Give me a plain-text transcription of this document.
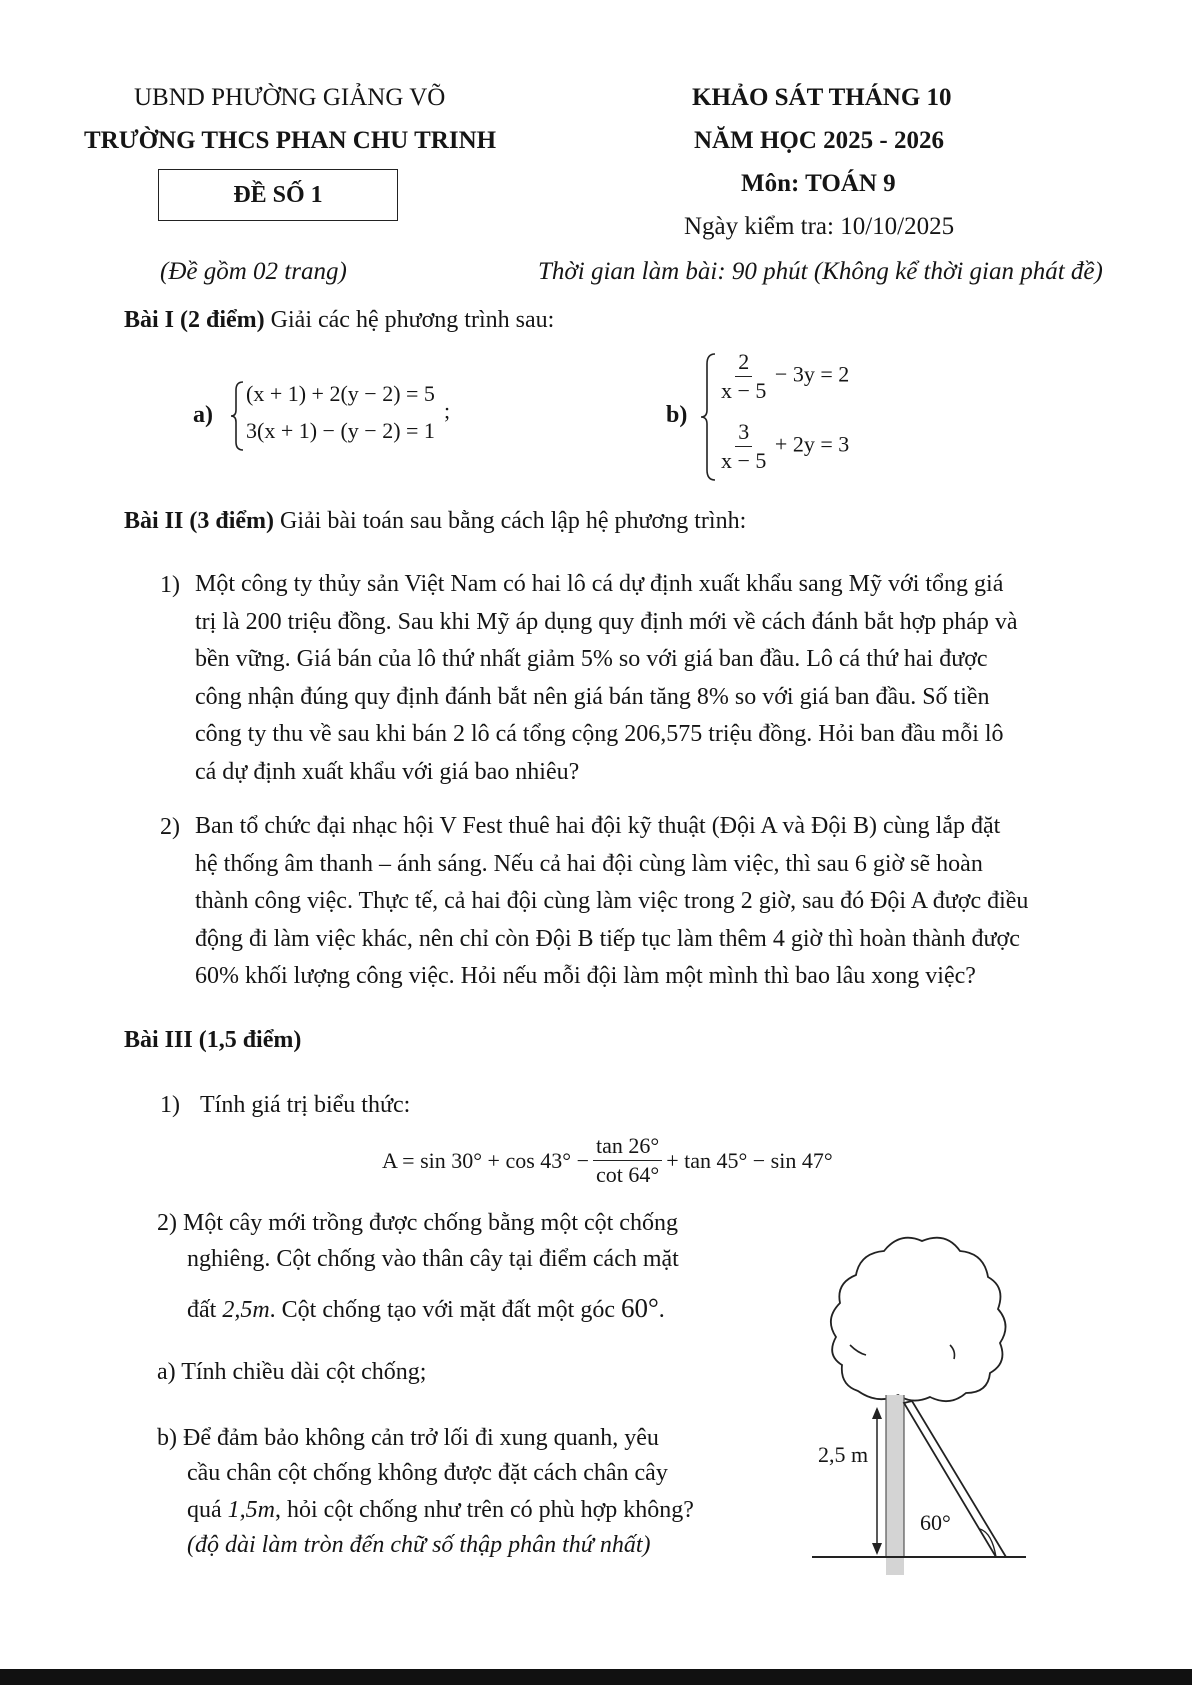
UBND PHƯỜNG GIẢNG VÕ
TRƯỜNG THCS PHAN CHU TRINH
ĐỀ SỐ 1
(Đề gồm 02 trang)
KHẢO SÁT THÁNG 10
NĂM HỌC 2025 - 2026
Môn: TOÁN 9
Ngày kiểm tra: 10/10/2025
Thời gian làm bài: 90 phút (Không kể thời gian phát đề)
Bài I (2 điểm) Giải các hệ phương trình sau:
a)
(x + 1) + 2(y − 2) = 5
3(x + 1) − (y − 2) = 1
;	b)
$\frac{2}{x - 5} - 3y = 2$
$\frac{3}{x - 5} + 2y = 3$
Bài II (3 điểm) Giải bài toán sau bằng cách lập hệ phương trình:
1) Một công ty thủy sản Việt Nam có hai lô cá dự định xuất khẩu sang Mỹ với tổng giá
trị là 200 triệu đồng. Sau khi Mỹ áp dụng quy định mới về cách đánh bắt hợp pháp và
bền vững. Giá bán của lô thứ nhất giảm 5% so với giá ban đầu. Lô cá thứ hai được
công nhận đúng quy định đánh bắt nên giá bán tăng 8% so với giá ban đầu. Số tiền
công ty thu về sau khi bán 2 lô cá tổng cộng 206,575 triệu đồng. Hỏi ban đầu mỗi lô
cá dự định xuất khẩu với giá bao nhiêu?
2) Ban tổ chức đại nhạc hội V Fest thuê hai đội kỹ thuật (Đội A và Đội B) cùng lắp đặt
hệ thống âm thanh – ánh sáng. Nếu cả hai đội cùng làm việc, thì sau 6 giờ sẽ hoàn
thành công việc. Thực tế, cả hai đội cùng làm việc trong 2 giờ, sau đó Đội A được điều
động đi làm việc khác, nên chỉ còn Đội B tiếp tục làm thêm 4 giờ thì hoàn thành được
60% khối lượng công việc. Hỏi nếu mỗi đội làm một mình thì bao lâu xong việc?
Bài III (1,5 điểm)
1) Tính giá trị biểu thức:
$A = \sin 30^\circ + \cos 43^\circ - \frac{\tan 26^\circ}{\cot 64^\circ} + \tan 45^\circ - \sin 47^\circ$
2) Một cây mới trồng được chống bằng một cột chống
nghiêng. Cột chống vào thân cây tại điểm cách mặt
đất 2,5m. Cột chống tạo với mặt đất một góc 60°.
a) Tính chiều dài cột chống;
b) Để đảm bảo không cản trở lối đi xung quanh, yêu
cầu chân cột chống không được đặt cách chân cây
quá 1,5m, hỏi cột chống như trên có phù hợp không?
(độ dài làm tròn đến chữ số thập phân thứ nhất)
2,5 m
60°
